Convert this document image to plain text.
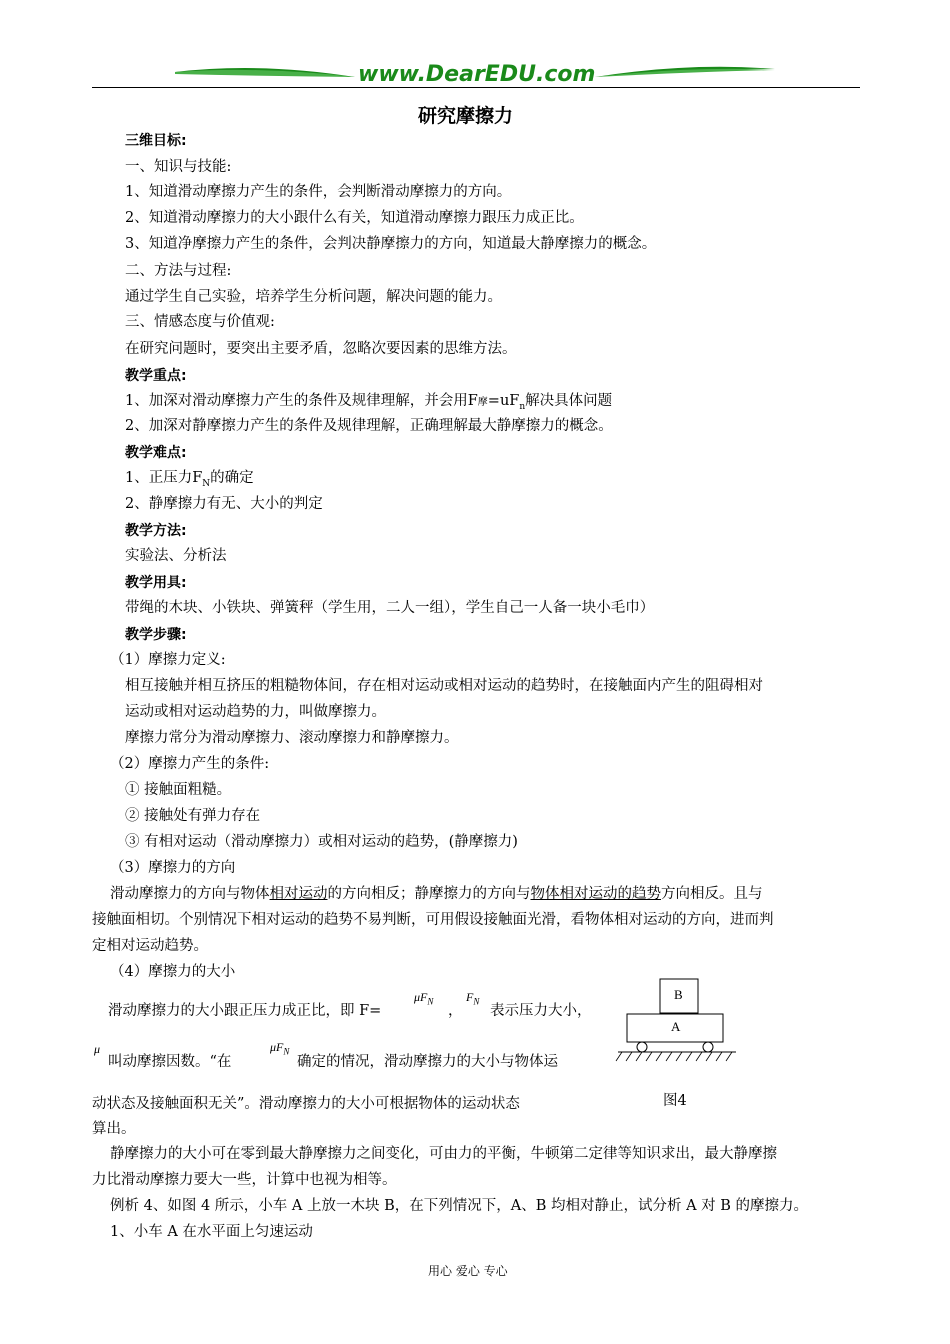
www.DearEDU.com
研究摩擦力
三维目标:
一、知识与技能:
1、知道滑动摩擦力产生的条件，会判断滑动摩擦力的方向。
2、知道滑动摩擦力的大小跟什么有关，知道滑动摩擦力跟压力成正比。
3、知道净摩擦力产生的条件，会判决静摩擦力的方向，知道最大静摩擦力的概念。
二、方法与过程:
通过学生自己实验，培养学生分析问题，解决问题的能力。
三、情感态度与价值观:
在研究问题时，要突出主要矛盾，忽略次要因素的思维方法。
教学重点:
1、加深对滑动摩擦力产生的条件及规律理解，并会用F摩$=uF_n$解决具体问题
2、加深对静摩擦力产生的条件及规律理解，正确理解最大静摩擦力的概念。
教学难点:
1、正压力$F_N$的确定
2、静摩擦力有无、大小的判定
教学方法:
实验法、分析法
教学用具:
带绳的木块、小铁块、弹簧秤（学生用，二人一组），学生自己一人备一块小毛巾）
教学步骤:
（1）摩擦力定义:
相互接触并相互挤压的粗糙物体间，存在相对运动或相对运动的趋势时，在接触面内产生的阻碍相对
运动或相对运动趋势的力，叫做摩擦力。
摩擦力常分为滑动摩擦力、滚动摩擦力和静摩擦力。
（2）摩擦力产生的条件:
① 接触面粗糙。
② 接触处有弹力存在
③ 有相对运动（滑动摩擦力）或相对运动的趋势，(静摩擦力)
（3）摩擦力的方向
滑动摩擦力的方向与物体相对运动的方向相反；静摩擦力的方向与物体相对运动的趋势方向相反。且与
接触面相切。个别情况下相对运动的趋势不易判断，可用假设接触面光滑，看物体相对运动的方向，进而判
定相对运动趋势。
（4）摩擦力的大小
滑动摩擦力的大小跟正压力成正比，即 F=
$\mu F_N$
，
$F_N$
表示压力大小，
μ
叫动摩擦因数。“在
$\mu F_N$
确定的情况，滑动摩擦力的大小与物体运
动状态及接触面积无关”。滑动摩擦力的大小可根据物体的运动状态
算出。
B
A
图4
静摩擦力的大小可在零到最大静摩擦力之间变化，可由力的平衡，牛顿第二定律等知识求出，最大静摩擦
力比滑动摩擦力要大一些，计算中也视为相等。
例析 4、如图 4 所示，小车 A 上放一木块 B，在下列情况下，A、B 均相对静止，试分析 A 对 B 的摩擦力。
1、小车 A 在水平面上匀速运动
用心 爱心 专心
